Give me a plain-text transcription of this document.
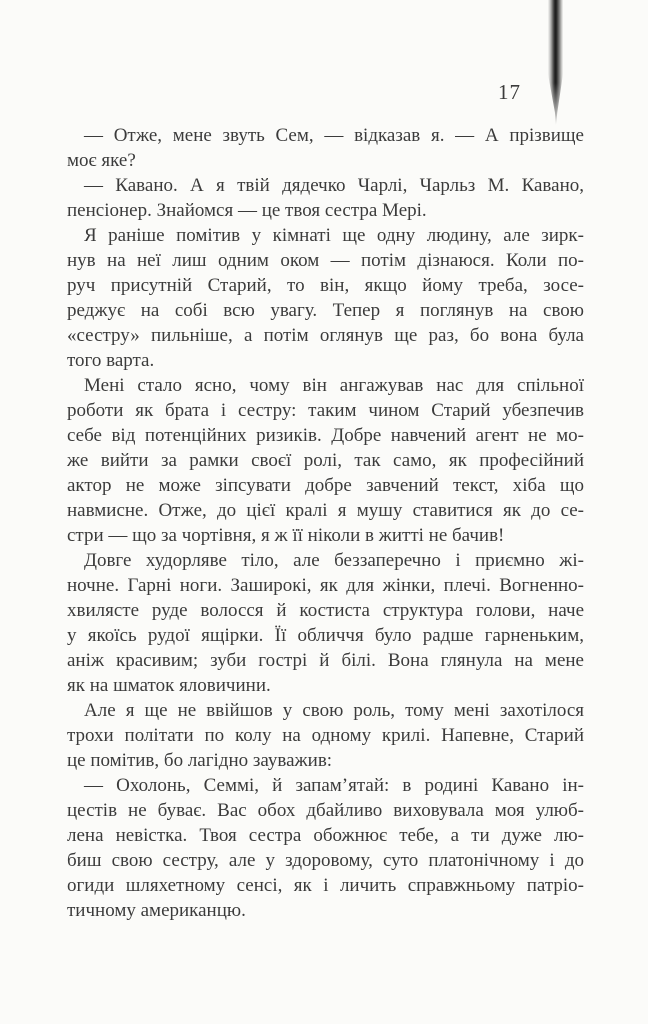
17

— Отже, мене звуть Сем, — відказав я. — А прізвище
моє яке?

— Кавано. А я твій дядечко Чарлі, Чарльз М. Кавано,
пенсіонер. Знайомся — це твоя сестра Мері.

Я раніше помітив у кімнаті ще одну людину, але зирк-
нув на неї лиш одним оком — потім дізнаюся. Коли по-
руч присутній Старий, то він, якщо йому треба, зосе-
реджує на собі всю увагу. Тепер я поглянув на свою
«сестру» пильніше, а потім оглянув ще раз, бо вона була
того варта.

Мені стало ясно, чому він ангажував нас для спільної
роботи як брата і сестру: таким чином Старий убезпечив
себе від потенційних ризиків. Добре навчений агент не мо-
же вийти за рамки своєї ролі, так само, як професійний
актор не може зіпсувати добре завчений текст, хіба що
навмисне. Отже, до цієї кралі я мушу ставитися як до се-
стри — що за чортівня, я ж її ніколи в житті не бачив!

Довге худорляве тіло, але беззаперечно і приємно жі-
ночне. Гарні ноги. Заширокі, як для жінки, плечі. Вогненно-
хвилясте руде волосся й костиста структура голови, наче
у якоїсь рудої ящірки. Її обличчя було радше гарненьким,
аніж красивим; зуби гострі й білі. Вона глянула на мене
як на шматок яловичини.

Але я ще не ввійшов у свою роль, тому мені захотілося
трохи політати по колу на одному крилі. Напевне, Старий
це помітив, бо лагідно зауважив:

— Охолонь, Семмі, й запам’ятай: в родині Кавано ін-
цестів не буває. Вас обох дбайливо виховувала моя улюб-
лена невістка. Твоя сестра обожнює тебе, а ти дуже лю-
биш свою сестру, але у здоровому, суто платонічному і до
огиди шляхетному сенсі, як і личить справжньому патріо-
тичному американцю.
